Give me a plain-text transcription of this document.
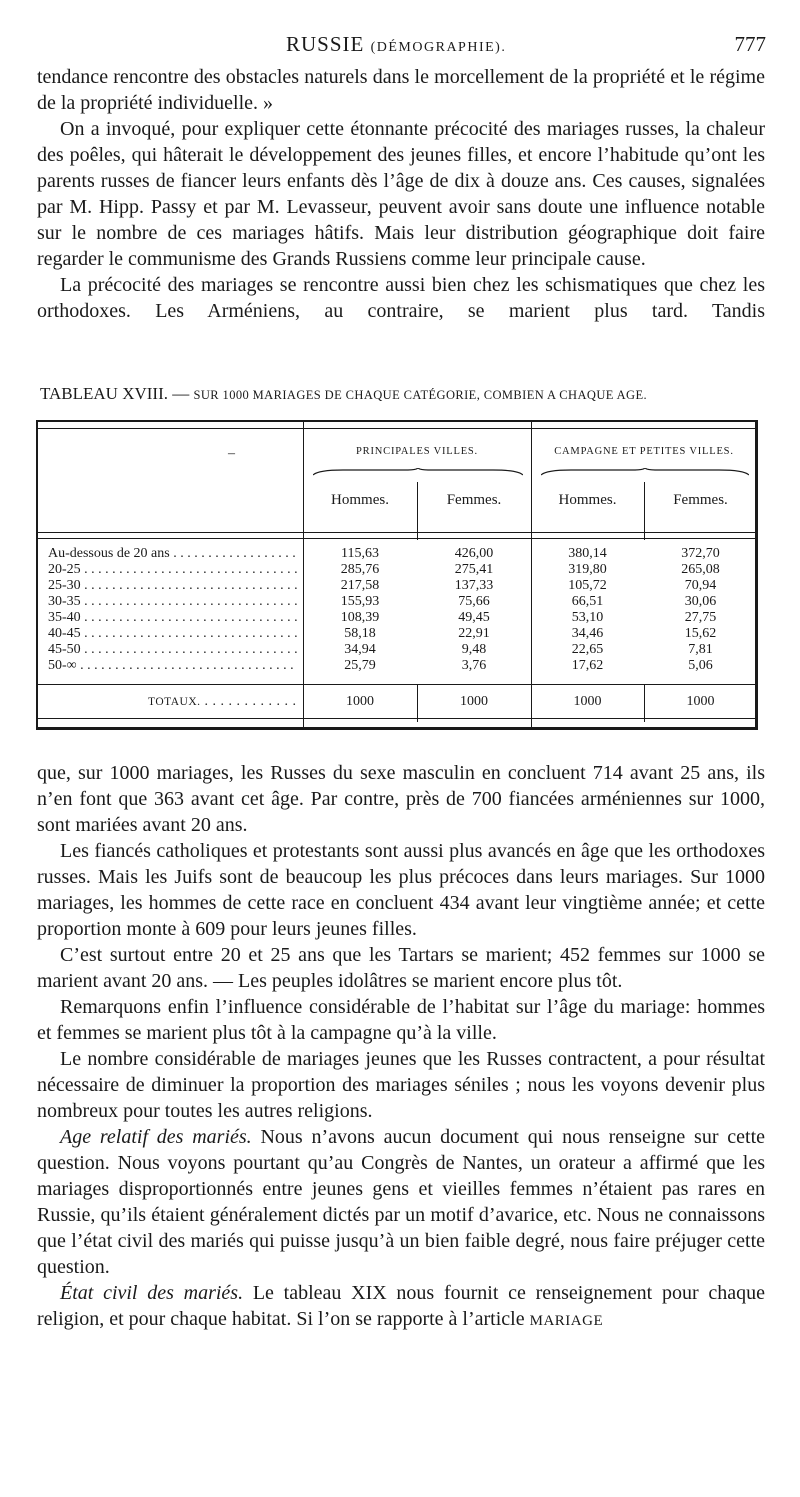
RUSSIE (DÉMOGRAPHIE).	777

tendance rencontre des obstacles naturels dans le morcellement de la propriété et le régime de la propriété individuelle. »

On a invoqué, pour expliquer cette étonnante précocité des mariages russes, la chaleur des poêles, qui hâterait le développement des jeunes filles, et encore l’habitude qu’ont les parents russes de fiancer leurs enfants dès l’âge de dix à douze ans. Ces causes, signalées par M. Hipp. Passy et par M. Levasseur, peuvent avoir sans doute une influence notable sur le nombre de ces mariages hâtifs. Mais leur distribution géographique doit faire regarder le communisme des Grands Russiens comme leur principale cause.

La précocité des mariages se rencontre aussi bien chez les schismatiques que chez les orthodoxes. Les Arméniens, au contraire, se marient plus tard. Tandis

TABLEAU XVIII. — SUR 1000 MARIAGES DE CHAQUE CATÉGORIE, COMBIEN A CHAQUE AGE.
–	PRINCIPALES VILLES.	CAMPAGNE ET PETITES VILLES.
Hommes.	Femmes.	Hommes.	Femmes.
Au-dessous de 20 ans . . .	115,63	426,00	380,14	372,70
20-25 . . .	285,76	275,41	319,80	265,08
25-30 . . .	217,58	137,33	105,72	70,94
30-35 . . .	155,93	75,66	66,51	30,06
35-40 . . .	108,39	49,45	53,10	27,75
40-45 . . .	58,18	22,91	34,46	15,62
45-50 . . .	34,94	9,48	22,65	7,81
50-∞ . . .	25,79	3,76	17,62	5,06
TOTAUX. . . .	1000	1000	1000	1000

que, sur 1000 mariages, les Russes du sexe masculin en concluent 714 avant 25 ans, ils n’en font que 363 avant cet âge. Par contre, près de 700 fiancées arméniennes sur 1000, sont mariées avant 20 ans.

Les fiancés catholiques et protestants sont aussi plus avancés en âge que les orthodoxes russes. Mais les Juifs sont de beaucoup les plus précoces dans leurs mariages. Sur 1000 mariages, les hommes de cette race en concluent 434 avant leur vingtième année; et cette proportion monte à 609 pour leurs jeunes filles.

C’est surtout entre 20 et 25 ans que les Tartars se marient; 452 femmes sur 1000 se marient avant 20 ans. — Les peuples idolâtres se marient encore plus tôt.

Remarquons enfin l’influence considérable de l’habitat sur l’âge du mariage: hommes et femmes se marient plus tôt à la campagne qu’à la ville.

Le nombre considérable de mariages jeunes que les Russes contractent, a pour résultat nécessaire de diminuer la proportion des mariages séniles ; nous les voyons devenir plus nombreux pour toutes les autres religions.

Age relatif des mariés. Nous n’avons aucun document qui nous renseigne sur cette question. Nous voyons pourtant qu’au Congrès de Nantes, un orateur a affirmé que les mariages disproportionnés entre jeunes gens et vieilles femmes n’étaient pas rares en Russie, qu’ils étaient généralement dictés par un motif d’avarice, etc. Nous ne connaissons que l’état civil des mariés qui puisse jusqu’à un bien faible degré, nous faire préjuger cette question.

État civil des mariés. Le tableau XIX nous fournit ce renseignement pour chaque religion, et pour chaque habitat. Si l’on se rapporte à l’article MARIAGE
